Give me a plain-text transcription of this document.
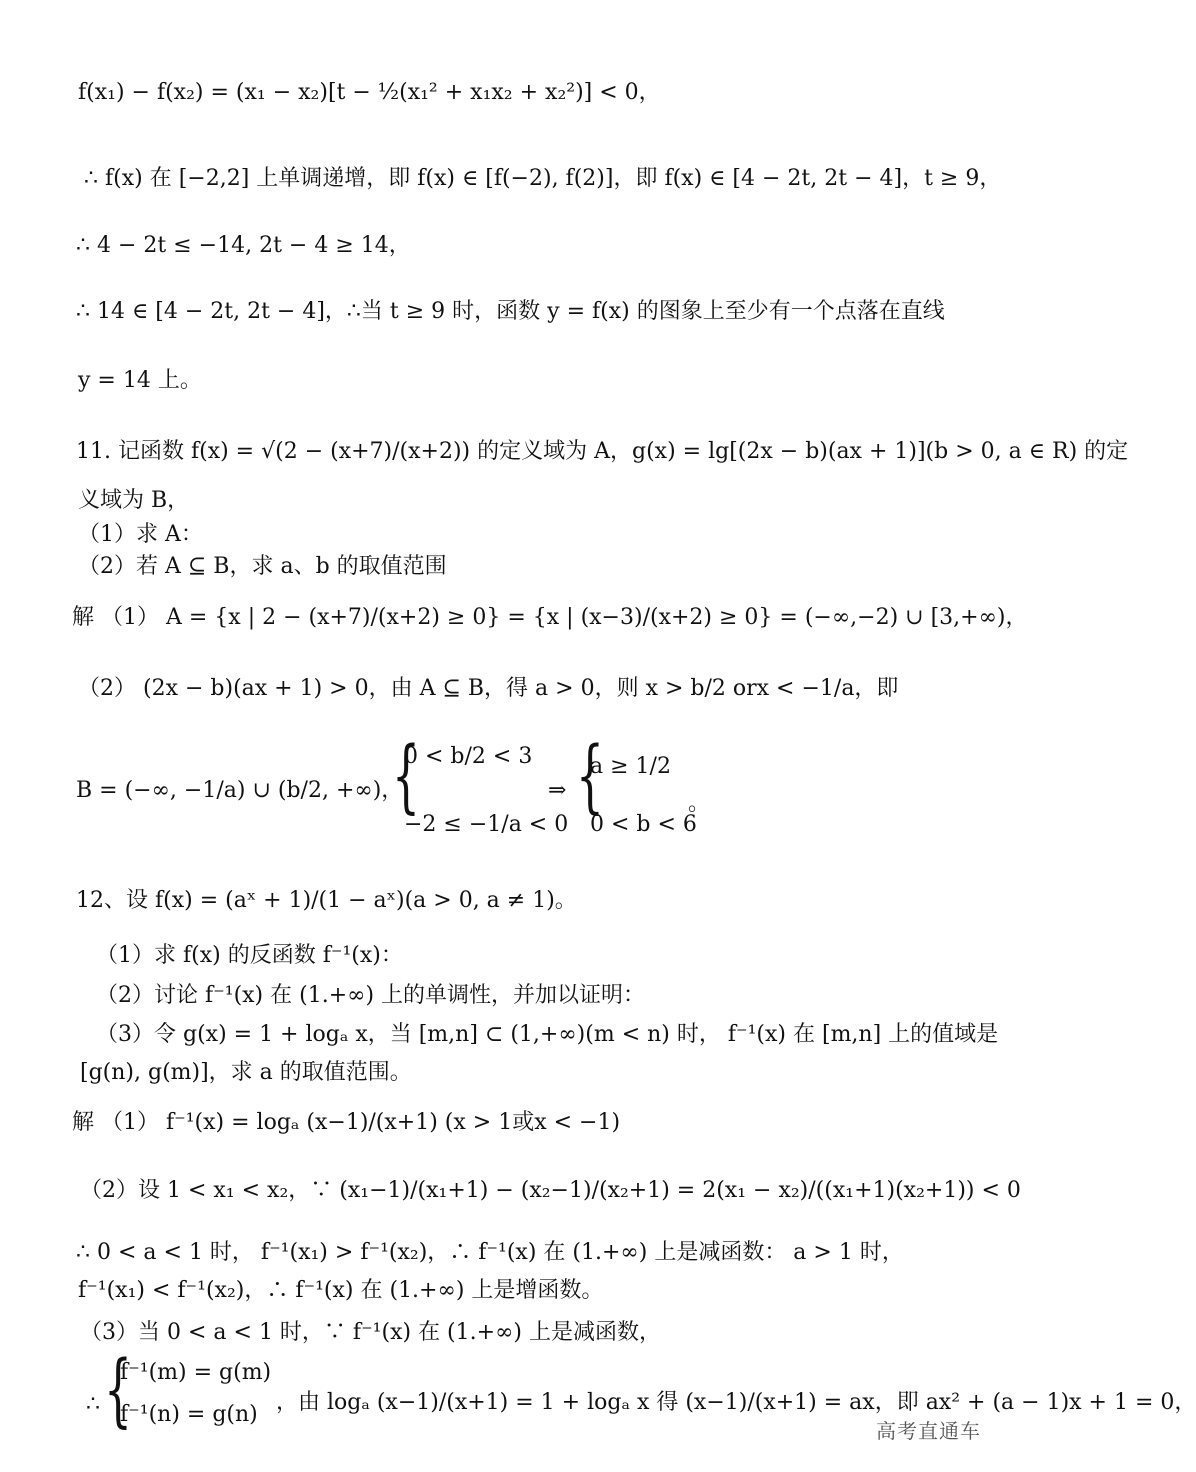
f(x₁) − f(x₂) = (x₁ − x₂)[t − ½(x₁² + x₁x₂ + x₂²)] < 0，
∴ f(x) 在 [−2,2] 上单调递增，即 f(x) ∈ [f(−2), f(2)]，即 f(x) ∈ [4 − 2t, 2t − 4]，t ≥ 9，
∴ 4 − 2t ≤ −14, 2t − 4 ≥ 14，
∴ 14 ∈ [4 − 2t, 2t − 4]，∴当 t ≥ 9 时，函数 y = f(x) 的图象上至少有一个点落在直线
y = 14 上。
11. 记函数 f(x) = √(2 − (x+7)/(x+2)) 的定义域为 A，g(x) = lg[(2x − b)(ax + 1)](b > 0, a ∈ R) 的定
义域为 B，
（1）求 A：
（2）若 A ⊆ B，求 a、b 的取值范围
解 （1） A = {x | 2 − (x+7)/(x+2) ≥ 0} = {x | (x−3)/(x+2) ≥ 0} = (−∞,−2) ∪ [3,+∞)，
（2） (2x − b)(ax + 1) > 0，由 A ⊆ B，得 a > 0，则 x > b/2 orx < −1/a，即
B = (−∞, −1/a) ∪ (b/2, +∞)，
{
0 < b/2 < 3
−2 ≤ −1/a < 0
⇒ {
a ≥ 1/2
0 < b < 6
。
12、设 f(x) = (aˣ + 1)/(1 − aˣ)(a > 0, a ≠ 1)。
（1）求 f(x) 的反函数 f⁻¹(x)：
（2）讨论 f⁻¹(x) 在 (1.+∞) 上的单调性，并加以证明：
（3）令 g(x) = 1 + logₐ x，当 [m,n] ⊂ (1,+∞)(m < n) 时， f⁻¹(x) 在 [m,n] 上的值域是
[g(n), g(m)]，求 a 的取值范围。
解 （1） f⁻¹(x) = logₐ (x−1)/(x+1) (x > 1或x < −1)
（2）设 1 < x₁ < x₂，∵ (x₁−1)/(x₁+1) − (x₂−1)/(x₂+1) = 2(x₁ − x₂)/((x₁+1)(x₂+1)) < 0
∴ 0 < a < 1 时， f⁻¹(x₁) > f⁻¹(x₂)，∴ f⁻¹(x) 在 (1.+∞) 上是减函数： a > 1 时，
f⁻¹(x₁) < f⁻¹(x₂)，∴ f⁻¹(x) 在 (1.+∞) 上是增函数。
（3）当 0 < a < 1 时，∵ f⁻¹(x) 在 (1.+∞) 上是减函数，
∴ {
f⁻¹(m) = g(m)
f⁻¹(n) = g(n) ，由 logₐ (x−1)/(x+1) = 1 + logₐ x 得 (x−1)/(x+1) = ax，即 ax² + (a − 1)x + 1 = 0，
高考直通车
